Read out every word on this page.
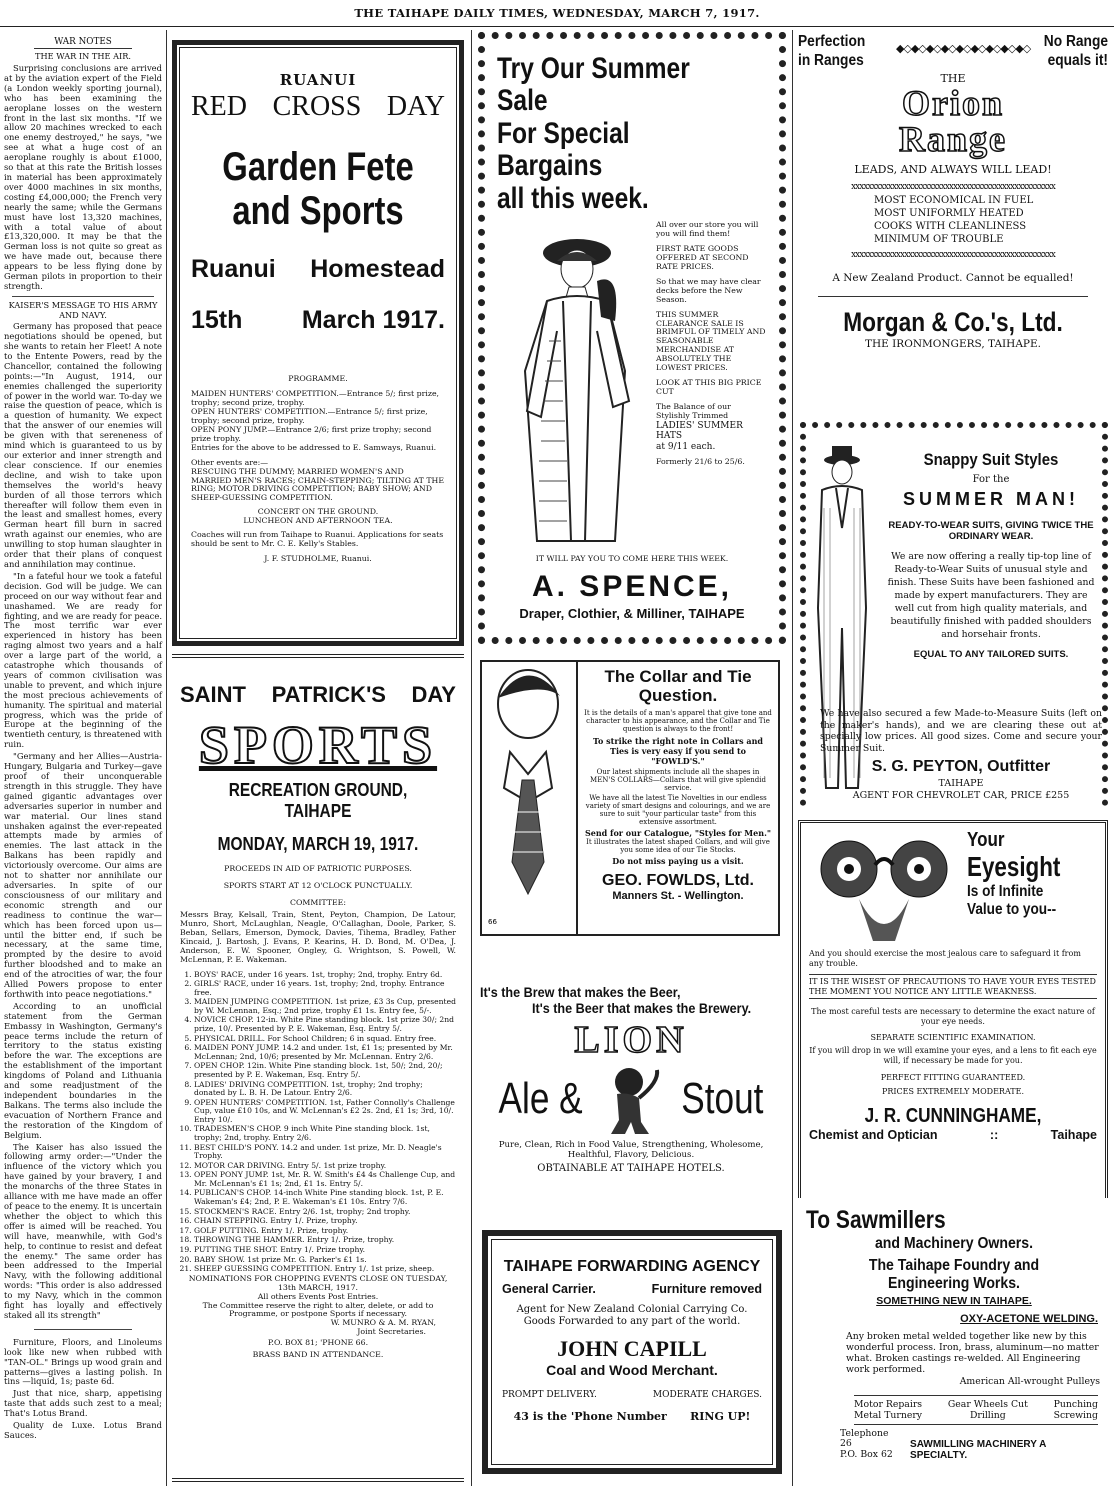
THE TAIHAPE DAILY TIMES, WEDNESDAY, MARCH 7, 1917.
WAR NOTES
THE WAR IN THE AIR.

Surprising conclusions are arrived at by the aviation expert of the Field (a London weekly sporting journal), who has been examining the aeroplane losses on the western front in the last six months. "If we allow 20 machines wrecked to each one enemy destroyed," he says, "we see at what a huge cost of an aeroplane roughly is about £1000, so that at this rate the British losses in material has been approximately over 4000 machines in six months, costing £4,000,000; the French very nearly the same; while the Germans must have lost 13,320 machines, with a total value of about £13,320,000. It may be that the German loss is not quite so great as we have made out, because there appears to be less flying done by German pilots in proportion to their strength.

KAISER'S MESSAGE TO HIS ARMY AND NAVY.

Germany has proposed that peace negotiations should be opened, but she wants to retain her Fleet! A note to the Entente Powers, read by the Chancellor, contained the following points:—"In August, 1914, our enemies challenged the superiority of power in the world war. To-day we raise the question of peace, which is a question of humanity. We expect that the answer of our enemies will be given with that sereneness of mind which is guaranteed to us by our exterior and inner strength and clear conscience. If our enemies decline, and wish to take upon themselves the world's heavy burden of all those terrors which thereafter will follow them even in the least and smallest homes, every German heart fill burn in sacred wrath against our enemies, who are unwilling to stop human slaughter in order that their plans of conquest and annihilation may continue.

"In a fateful hour we took a fateful decision. God will be judge. We can proceed on our way without fear and unashamed. We are ready for fighting, and we are ready for peace. The most terrific war ever experienced in history has been raging almost two years and a half over a large part of the world, a catastrophe which thousands of years of common civilisation was unable to prevent, and which injure the most precious achievements of humanity. The spiritual and material progress, which was the pride of Europe at the beginning of the twentieth century, is threatened with ruin.

"Germany and her Allies—Austria-Hungary, Bulgaria and Turkey—gave proof of their unconquerable strength in this struggle. They have gained gigantic advantages over adversaries superior in number and war material. Our lines stand unshaken against the ever-repeated attempts made by armies of enemies. The last attack in the Balkans has been rapidly and victoriously overcome. Our aims are not to shatter nor annihilate our adversaries. In spite of our consciousness of our military and economic strength and our readiness to continue the war—which has been forced upon us—until the bitter end, if such be necessary, at the same time, prompted by the desire to avoid further bloodshed and to make an end of the atrocities of war, the four Allied Powers propose to enter forthwith into peace negotiations."

According to an unofficial statement from the German Embassy in Washington, Germany's peace terms include the return of territory to the status existing before the war. The exceptions are the establishment of the important kingdoms of Poland and Lithuania and some readjustment of the independent boundaries in the Balkans. The terms also include the evacuation of Northern France and the restoration of the Kingdom of Belgium.

The Kaiser has also issued the following army order:—"Under the influence of the victory which you have gained by your bravery, I and the monarchs of the three States in alliance with me have made an offer of peace to the enemy. It is uncertain whether the object to which this offer is aimed will be reached. You will have, meanwhile, with God's help, to continue to resist and defeat the enemy." The same order has been addressed to the Imperial Navy, with the following additional words: "This order is also addressed to my Navy, which in the common fight has loyally and effectively staked all its strength"

Furniture, Floors, and Linoleums look like new when rubbed with "TAN-OL." Brings up wood grain and patterns—gives a lasting polish. In tins —liquid, 1s; paste 6d.

Just that nice, sharp, appetising taste that adds such zest to a meal; That's Lotus Brand.

Quality de Luxe. Lotus Brand Sauces.

RUANUI
RED CROSS DAY
Garden Fete
and Sports
Ruanui Homestead
15th March 1917.
PROGRAMME.
MAIDEN HUNTERS' COMPETITION.—Entrance 5/; first prize, trophy; second prize, trophy.
OPEN HUNTERS' COMPETITION.—Entrance 5/; first prize, trophy; second prize, trophy.
OPEN PONY JUMP.—Entrance 2/6; first prize trophy; second prize trophy.
Entries for the above to be addressed to E. Samways, Ruanui.
Other events are:—
RESCUING THE DUMMY; MARRIED WOMEN'S AND MARRIED MEN'S RACES; CHAIN-STEPPING; TILTING AT THE RING; MOTOR DRIVING COMPETITION; BABY SHOW; AND SHEEP-GUESSING COMPETITION.
CONCERT ON THE GROUND.
LUNCHEON AND AFTERNOON TEA.
Coaches will run from Taihape to Ruanui. Applications for seats should be sent to Mr. C. E. Kelly's Stables.
J. F. STUDHOLME, Ruanui.
SAINT PATRICK'S DAY
SPORTS
RECREATION GROUND, TAIHAPE
MONDAY, MARCH 19, 1917.
PROCEEDS IN AID OF PATRIOTIC PURPOSES.
SPORTS START AT 12 O'CLOCK PUNCTUALLY.
COMMITTEE:
Messrs Bray, Kelsall, Train, Stent, Peyton, Champion, De Latour, Munro, Short, McLaughlan, Neagle, O'Callaghan, Doole, Parker, S. Beban, Sellars, Emerson, Dymock, Davies, Tihema, Bradley, Father Kincaid, J. Bartosh, J. Evans, P. Kearins, H. D. Bond, M. O'Dea, J. Anderson, E. W. Spooner, Ongley, G. Wrightson, S. Powell, W. McLennan, P. E. Wakeman.
1. BOYS' RACE, under 16 years. 1st, trophy; 2nd, trophy. Entry 6d.
2. GIRLS' RACE, under 16 years. 1st, trophy; 2nd, trophy. Entrance free.
3. MAIDEN JUMPING COMPETITION. 1st prize, £3 3s Cup, presented by W. McLennan, Esq.; 2nd prize, trophy £1 1s. Entry fee, 5/-.
4. NOVICE CHOP. 12-in. White Pine standing block. 1st prize 30/; 2nd prize, 10/. Presented by P. E. Wakeman, Esq. Entry 5/.
5. PHYSICAL DRILL. For School Children; 6 in squad. Entry free.
6. MAIDEN PONY JUMP. 14.2 and under. 1st, £1 1s; presented by Mr. McLennan; 2nd, 10/6; presented by Mr. McLennan. Entry 2/6.
7. OPEN CHOP. 12in. White Pine standing block. 1st, 50/; 2nd, 20/; presented by P. E. Wakeman, Esq. Entry 5/.
8. LADIES' DRIVING COMPETITION. 1st, trophy; 2nd trophy; donated by L. B. H. De Latour. Entry 2/6.
9. OPEN HUNTERS' COMPETITION. 1st, Father Connolly's Challenge Cup, value £10 10s, and W. McLennan's £2 2s. 2nd, £1 1s; 3rd, 10/. Entry 10/.
10. TRADESMEN'S CHOP. 9 inch White Pine standing block. 1st, trophy; 2nd, trophy. Entry 2/6.
11. BEST CHILD'S PONY. 14.2 and under. 1st prize, Mr. D. Neagle's Trophy.
12. MOTOR CAR DRIVING. Entry 5/. 1st prize trophy.
13. OPEN PONY JUMP. 1st, Mr. R. W. Smith's £4 4s Challenge Cup, and Mr. McLennan's £1 1s; 2nd, £1 1s. Entry 5/.
14. PUBLICAN'S CHOP. 14-inch White Pine standing block. 1st, P. E. Wakeman's £4; 2nd, P. E. Wakeman's £1 10s. Entry 7/6.
15. STOCKMEN'S RACE. Entry 2/6. 1st, trophy; 2nd trophy.
16. CHAIN STEPPING. Entry 1/. Prize, trophy.
17. GOLF PUTTING. Entry 1/. Prize, trophy.
18. THROWING THE HAMMER. Entry 1/. Prize, trophy.
19. PUTTING THE SHOT. Entry 1/. Prize trophy.
20. BABY SHOW. 1st prize Mr. G. Parker's £1 1s.
21. SHEEP GUESSING COMPETITION. Entry 1/. 1st prize, sheep.
NOMINATIONS FOR CHOPPING EVENTS CLOSE ON TUESDAY, 13th MARCH, 1917.
All others Events Post Entries.
The Committee reserve the right to alter, delete, or add to Programme, or postpone Sports if necessary.
W. MUNRO & A. M. RYAN,
Joint Secretaries.
P.O. BOX 81; 'PHONE 66.
BRASS BAND IN ATTENDANCE.
Try Our Summer Sale
For Special Bargains
all this week.

All over our store you will you will find them!

FIRST RATE GOODS OFFERED AT SECOND RATE PRICES.

So that we may have clear decks before the New Season.

THIS SUMMER CLEARANCE SALE IS BRIMFUL OF TIMELY AND SEASONABLE MERCHANDISE AT ABSOLUTELY THE LOWEST PRICES.

LOOK AT THIS BIG PRICE CUT

The Balance of our Stylishly Trimmed

LADIES' SUMMER HATS

at 9/11 each.

Formerly 21/6 to 25/6.

IT WILL PAY YOU TO COME HERE THIS WEEK.
A. SPENCE,
Draper, Clothier, & Milliner, TAIHAPE
66
The Collar and Tie
Question.
It is the details of a man's apparel that give tone and character to his appearance, and the Collar and Tie question is always to the front!
To strike the right note in Collars and Ties is very easy if you send to "FOWLD'S."
Our latest shipments include all the shapes in MEN'S COLLARS—Collars that will give splendid service.
We have all the latest Tie Novelties in our endless variety of smart designs and colourings, and we are sure to suit "your particular taste" from this extensive assortment.
Send for our Catalogue, "Styles for Men."
It illustrates the latest shaped Collars, and will give you some idea of our Tie Stocks.
Do not miss paying us a visit.
GEO. FOWLDS, Ltd.
Manners St. - Wellington.
It's the Brew that makes the Beer,
It's the Beer that makes the Brewery.
LION
Ale & Stout
Pure, Clean, Rich in Food Value, Strengthening, Wholesome, Healthful, Flavory, Delicious.
OBTAINABLE AT TAIHAPE HOTELS.
TAIHAPE FORWARDING AGENCY
General Carrier.	Furniture removed
Agent for New Zealand Colonial Carrying Co. Goods Forwarded to any part of the world.
JOHN CAPILL
Coal and Wood Merchant.
PROMPT DELIVERY.	MODERATE CHARGES.
43 is the 'Phone Number RING UP!
Perfection in Ranges
◆◇◆◇◆◇◆◇◆◇◆◇◆◇◆◇◆◇ No Range equals it!
THE
Orion
Range
LEADS, AND ALWAYS WILL LEAD!
xxxxxxxxxxxxxxxxxxxxxxxxxxxxxxxxxxxxxxxxxxxxxxxxxx
MOST ECONOMICAL IN FUEL
MOST UNIFORMLY HEATED
COOKS WITH CLEANLINESS
MINIMUM OF TROUBLE
xxxxxxxxxxxxxxxxxxxxxxxxxxxxxxxxxxxxxxxxxxxxxxxxxx
A New Zealand Product. Cannot be equalled!
Morgan & Co.'s, Ltd.
THE IRONMONGERS, TAIHAPE.
Snappy Suit Styles
For the
SUMMER MAN!
READY-TO-WEAR SUITS, GIVING TWICE THE ORDINARY WEAR.
We are now offering a really tip-top line of Ready-to-Wear Suits of unusual style and finish. These Suits have been fashioned and made by expert manufacturers. They are well cut from high quality materials, and beautifully finished with padded shoulders and horsehair fronts.
EQUAL TO ANY TAILORED SUITS.
We have also secured a few Made-to-Measure Suits (left on the maker's hands), and we are clearing these out at specially low prices. All good sizes. Come and secure your Summer Suit.
S. G. PEYTON, Outfitter
TAIHAPE
AGENT FOR CHEVROLET CAR, PRICE £255
Your
Eyesight
Is of Infinite
Value to you--
And you should exercise the most jealous care to safeguard it from any trouble.
IT IS THE WISEST OF PRECAUTIONS TO HAVE YOUR EYES TESTED THE MOMENT YOU NOTICE ANY LITTLE WEAKNESS.
The most careful tests are necessary to determine the exact nature of your eye needs.
SEPARATE SCIENTIFIC EXAMINATION.
If you will drop in we will examine your eyes, and a lens to fit each eye will, if necessary be made for you.
PERFECT FITTING GUARANTEED.
PRICES EXTREMELY MODERATE.
J. R. CUNNINGHAME,
Chemist and Optician	::	Taihape
To Sawmillers
and Machinery Owners.
The Taihape Foundry and
Engineering Works.
SOMETHING NEW IN TAIHAPE.
OXY-ACETONE WELDING.
Any broken metal welded together like new by this wonderful process. Iron, brass, aluminum—no matter what. Broken castings re-welded. All Engineering work performed.
American All-wrought Pulleys
Motor Repairs	Gear Wheels Cut	Punching
Metal Turnery	Drilling	Screwing
Telephone 26
P.O. Box 62
SAWMILLING MACHINERY A SPECIALTY.
